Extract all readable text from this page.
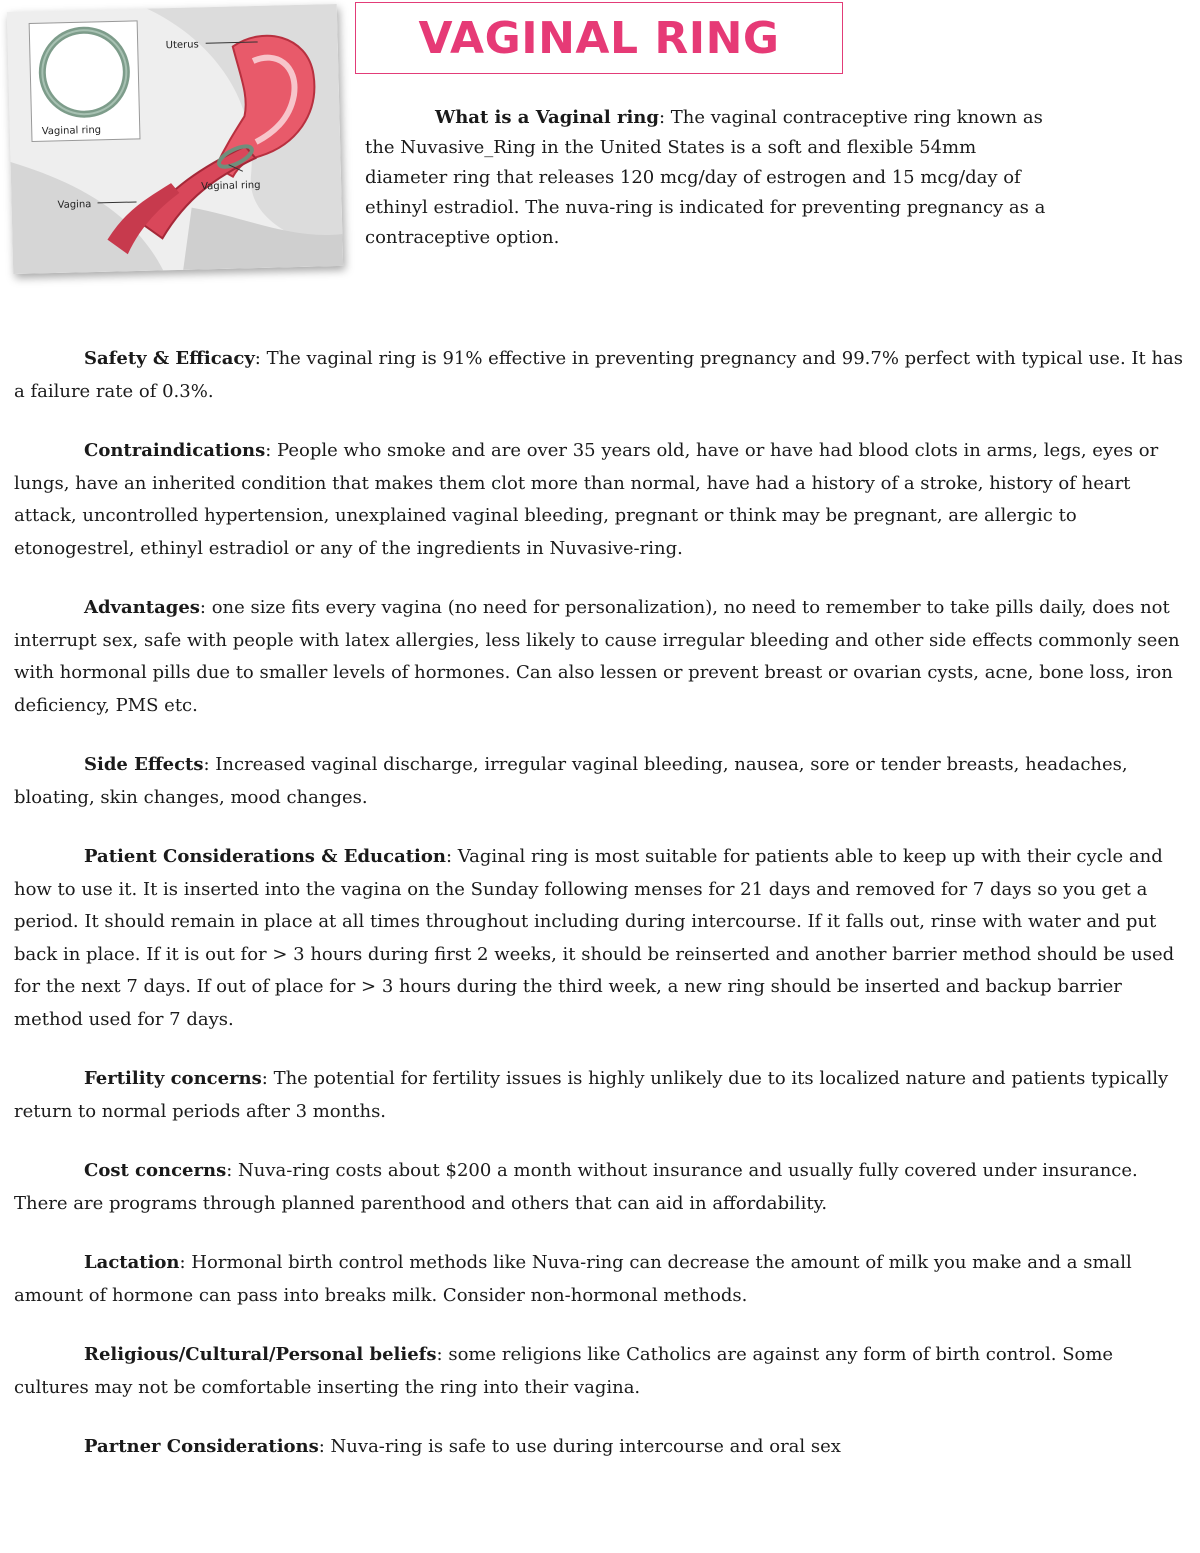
Vaginal ring
Uterus
Vaginal ring
Vagina
VAGINAL RING

What is a Vaginal ring: The vaginal contraceptive ring known as the Nuvasive_Ring in the United States is a soft and flexible 54mm diameter ring that releases 120 mcg/day of estrogen and 15 mcg/day of ethinyl estradiol. The nuva-ring is indicated for preventing pregnancy as a contraceptive option.

Safety & Efficacy: The vaginal ring is 91% effective in preventing pregnancy and 99.7% perfect with typical use. It has a failure rate of 0.3%.

Contraindications: People who smoke and are over 35 years old, have or have had blood clots in arms, legs, eyes or lungs, have an inherited condition that makes them clot more than normal, have had a history of a stroke, history of heart attack, uncontrolled hypertension, unexplained vaginal bleeding, pregnant or think may be pregnant, are allergic to etonogestrel, ethinyl estradiol or any of the ingredients in Nuvasive-ring.

Advantages: one size fits every vagina (no need for personalization), no need to remember to take pills daily, does not interrupt sex, safe with people with latex allergies, less likely to cause irregular bleeding and other side effects commonly seen with hormonal pills due to smaller levels of hormones. Can also lessen or prevent breast or ovarian cysts, acne, bone loss, iron deficiency, PMS etc.

Side Effects: Increased vaginal discharge, irregular vaginal bleeding, nausea, sore or tender breasts, headaches, bloating, skin changes, mood changes.

Patient Considerations & Education: Vaginal ring is most suitable for patients able to keep up with their cycle and how to use it. It is inserted into the vagina on the Sunday following menses for 21 days and removed for 7 days so you get a period. It should remain in place at all times throughout including during intercourse. If it falls out, rinse with water and put back in place. If it is out for > 3 hours during first 2 weeks, it should be reinserted and another barrier method should be used for the next 7 days. If out of place for > 3 hours during the third week, a new ring should be inserted and backup barrier method used for 7 days.

Fertility concerns: The potential for fertility issues is highly unlikely due to its localized nature and patients typically return to normal periods after 3 months.

Cost concerns: Nuva-ring costs about $200 a month without insurance and usually fully covered under insurance. There are programs through planned parenthood and others that can aid in affordability.

Lactation: Hormonal birth control methods like Nuva-ring can decrease the amount of milk you make and a small amount of hormone can pass into breaks milk. Consider non-hormonal methods.

Religious/Cultural/Personal beliefs: some religions like Catholics are against any form of birth control. Some cultures may not be comfortable inserting the ring into their vagina.

Partner Considerations: Nuva-ring is safe to use during intercourse and oral sex
